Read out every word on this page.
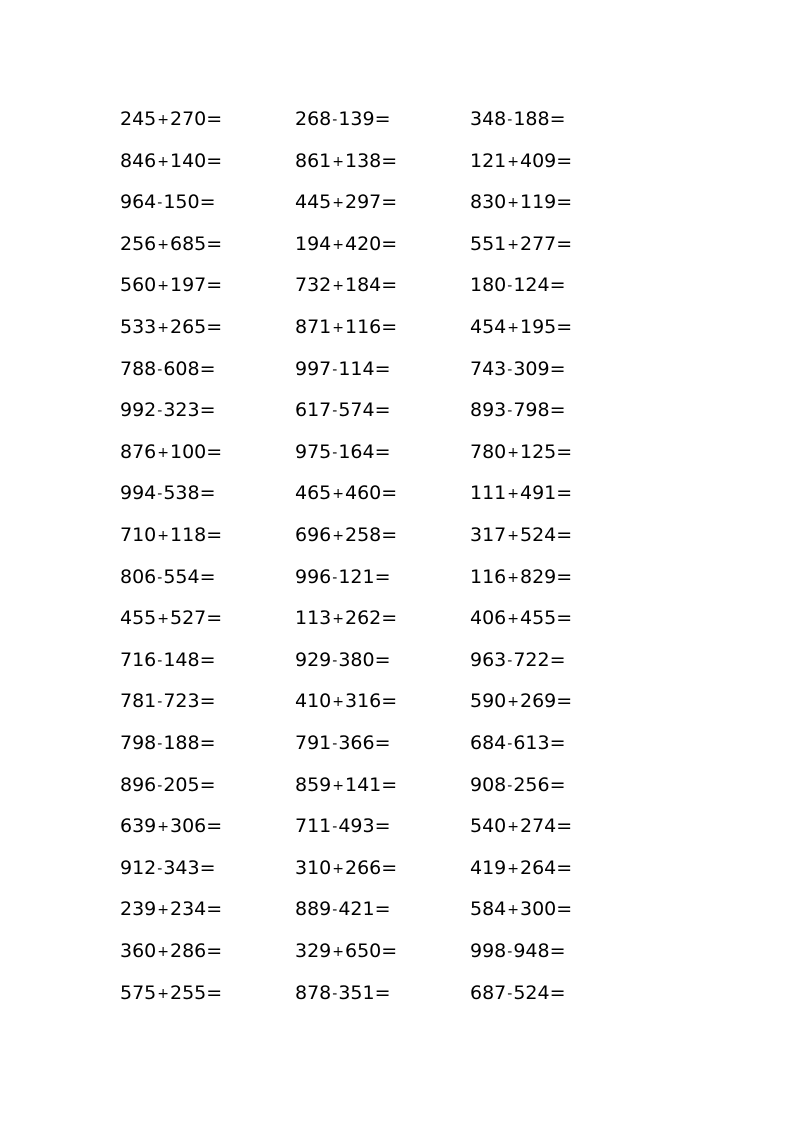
245+270=	268-139=	348-188=
846+140=	861+138=	121+409=
964-150=	445+297=	830+119=
256+685=	194+420=	551+277=
560+197=	732+184=	180-124=
533+265=	871+116=	454+195=
788-608=	997-114=	743-309=
992-323=	617-574=	893-798=
876+100=	975-164=	780+125=
994-538=	465+460=	111+491=
710+118=	696+258=	317+524=
806-554=	996-121=	116+829=
455+527=	113+262=	406+455=
716-148=	929-380=	963-722=
781-723=	410+316=	590+269=
798-188=	791-366=	684-613=
896-205=	859+141=	908-256=
639+306=	711-493=	540+274=
912-343=	310+266=	419+264=
239+234=	889-421=	584+300=
360+286=	329+650=	998-948=
575+255=	878-351=	687-524=
